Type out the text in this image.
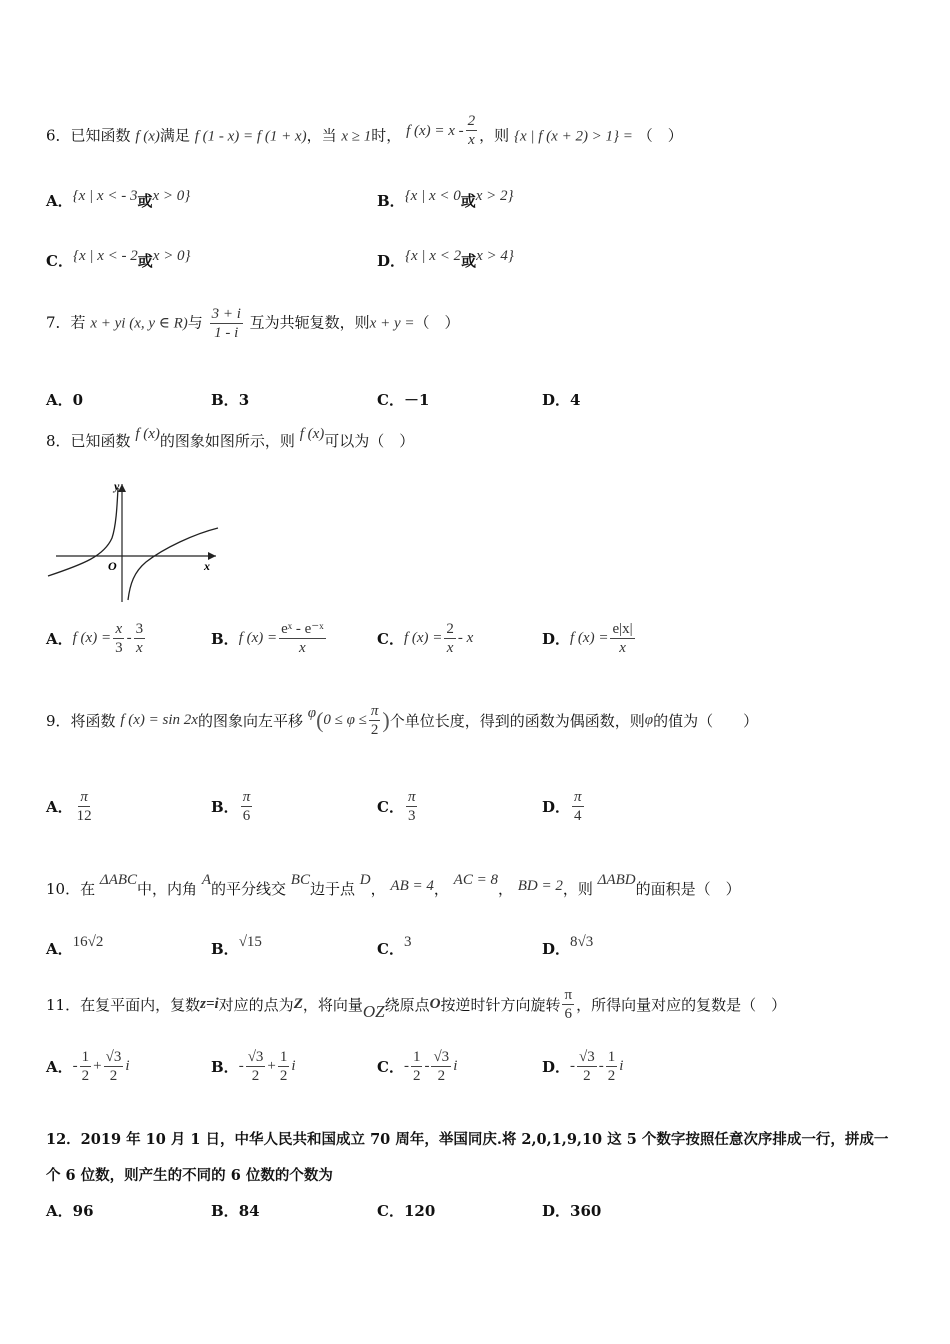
6．已知函数 f (x)满足 f (1 - x) = f (1 + x)，当 x ≥ 1时， f $(x) = x - \frac{2}{x}$ ，则 {x | f (x + 2) > 1} = （　）
A．{x | x < - 3或x > 0}	B．{x | x < 0或x > 2}
C．{x | x < - 2或x > 0}	D．{x | x < 2或x > 4}
7．若 x + yi (x, y ∈ R)与 $\frac{3 + i}{1 - i}$ 互为共轭复数，则x + y =（　）
A．0	B．3	C．－1	D．4
8．已知函数 f (x)的图象如图所示，则 f (x)可以为（　）
y
x
O
A．f $(x) = \frac{x}{3} - \frac{3}{x}$	B．f $(x) = \frac{\text{eˣ - e⁻ˣ}}{x}$	C．f $(x) = \frac{2}{x} - x$	D．f $(x) = \frac{e|x|}{x}$
9．将函数 f (x) = sin 2x的图象向左平移 $\varphi(0 \le \varphi \le \frac{\pi}{2}$ )个单位长度，得到的函数为偶函数，则φ的值为（　　）
A． $\frac{\pi}{12}$	B． $\frac{\pi}{6}$	C． $\frac{\pi}{3}$	D． $\frac{\pi}{4}$
10．在 ΔABC中，内角 A的平分线交 BC边于点 D， AB = 4， AC = 8， BD = 2，则 ΔABD的面积是（　）
A．16√2	B．√15	C．3	D．8√3
11．在复平面内，复数z=i对应的点为Z，将向量OZ绕原点O按逆时针方向旋转 $\frac{\pi}{6}$ ，所得向量对应的复数是（　）
A．- $\frac{1}{2} + \frac{√3}{2}$ i	B．- $\frac{√3}{2} + \frac{1}{2}$ i	C．- $\frac{1}{2} - \frac{√3}{2}$ i	D．- $\frac{√3}{2} - \frac{1}{2}$ i
12．2019 年 10 月 1 日，中华人民共和国成立 70 周年，举国同庆.将 2,0,1,9,10 这 5 个数字按照任意次序排成一行，拼成一
个 6 位数，则产生的不同的 6 位数的个数为
A．96	B．84	C．120	D．360
